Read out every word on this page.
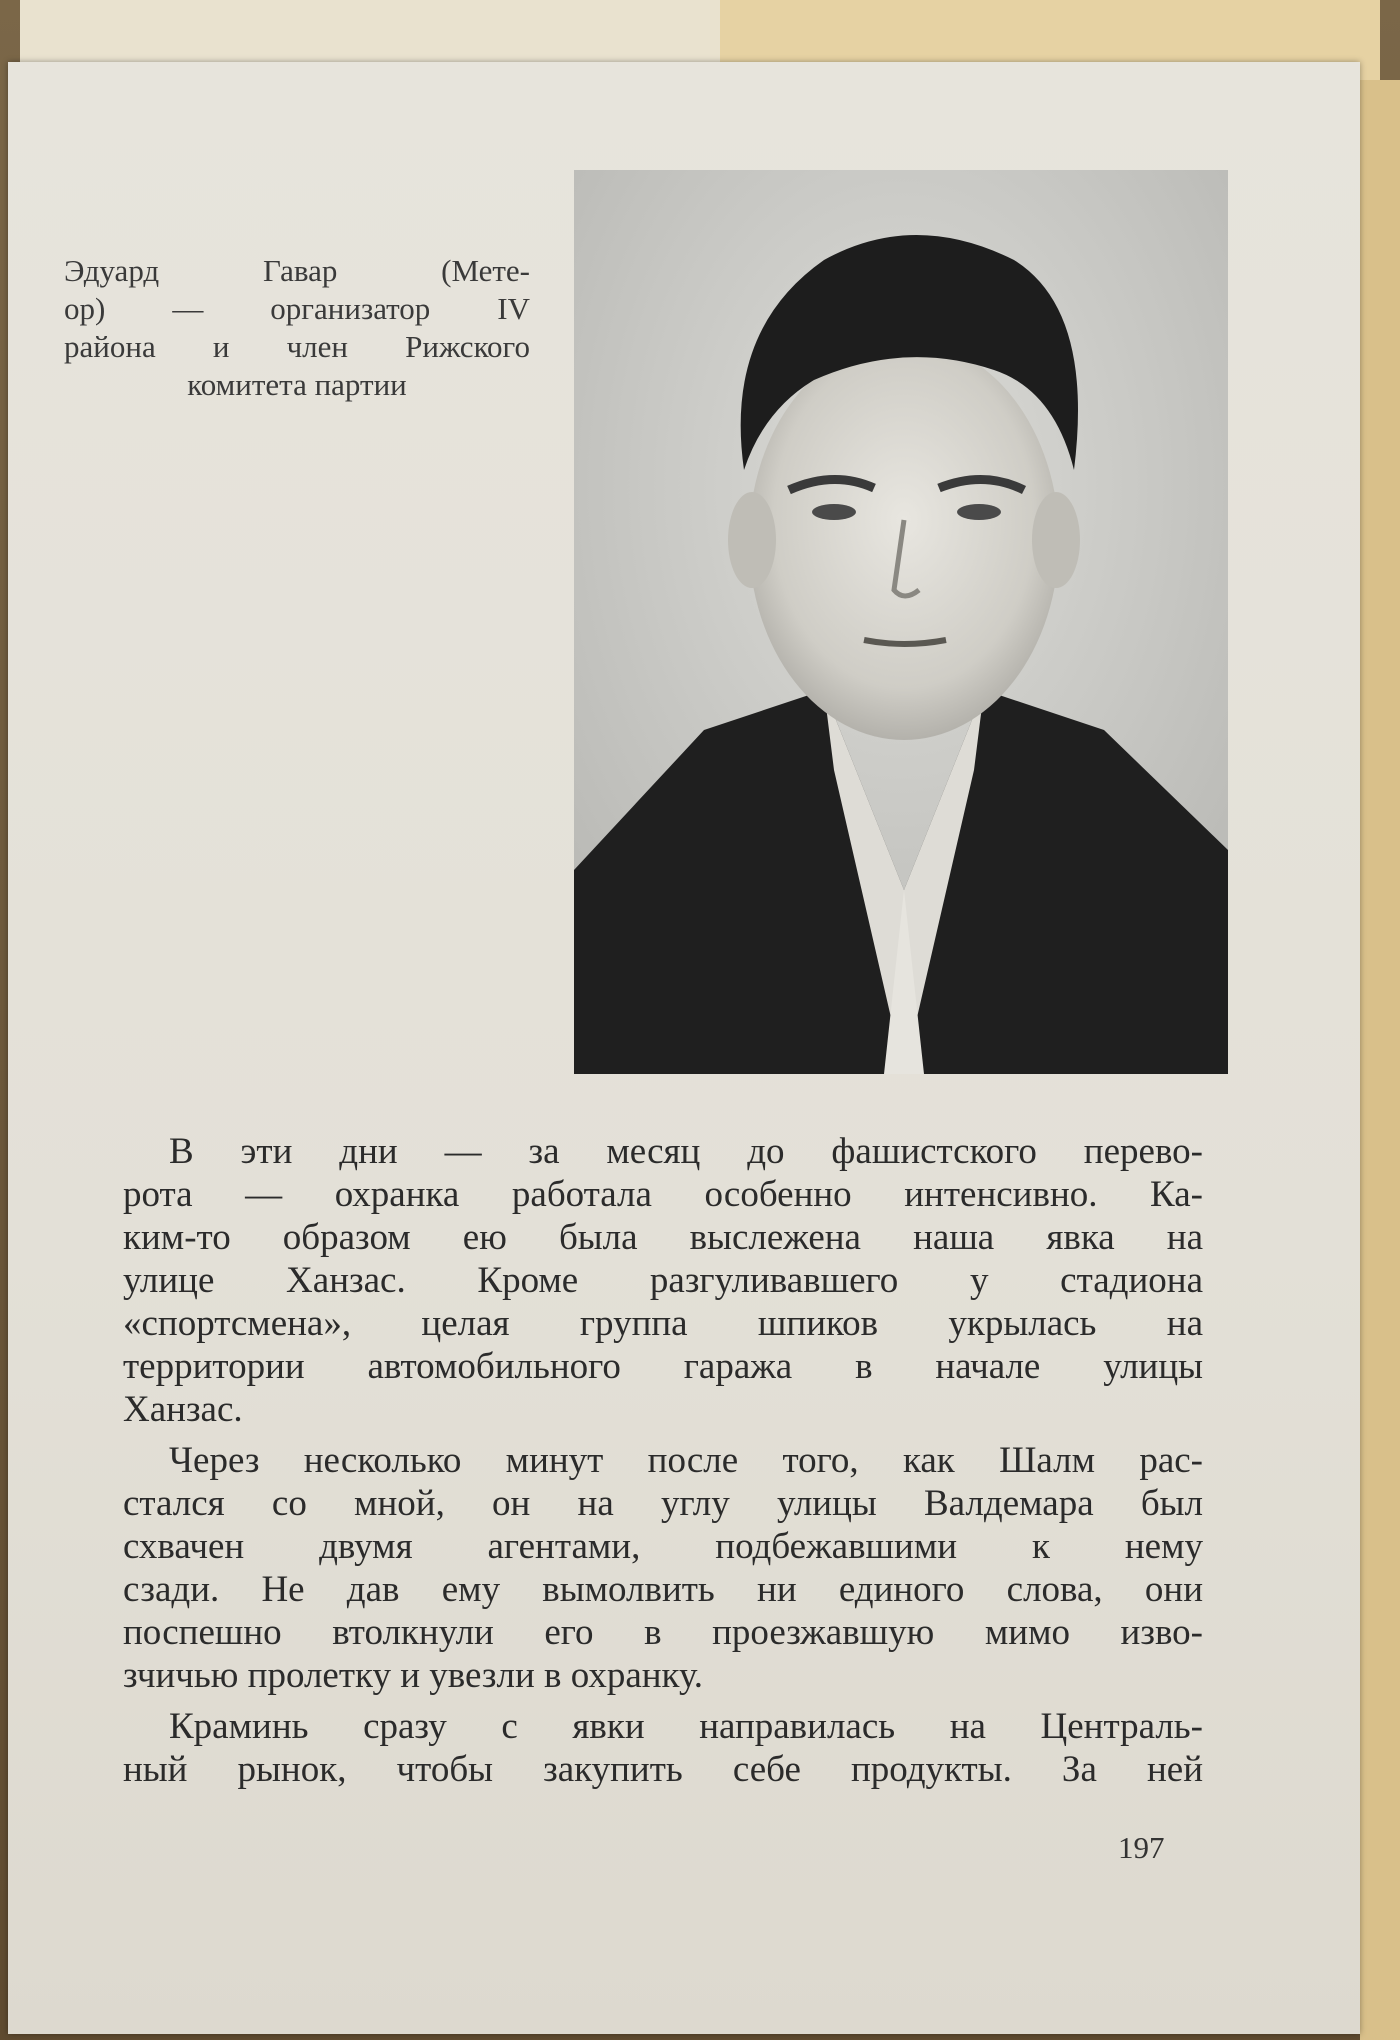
Эдуард Гавар (Мете-
ор) — организатор IV
района и член Рижского
комитета партии
В эти дни — за месяц до фашистского перево-
рота — охранка работала особенно интенсивно. Ка-
ким-то образом ею была выслежена наша явка на
улице Ханзас. Кроме разгуливавшего у стадиона
«спортсмена», целая группа шпиков укрылась на
территории автомобильного гаража в начале улицы
Ханзас.
Через несколько минут после того, как Шалм рас-
стался со мной, он на углу улицы Валдемара был
схвачен двумя агентами, подбежавшими к нему
сзади. Не дав ему вымолвить ни единого слова, они
поспешно втолкнули его в проезжавшую мимо изво-
зчичью пролетку и увезли в охранку.
Краминь сразу с явки направилась на Централь-
ный рынок, чтобы закупить себе продукты. За ней
197
